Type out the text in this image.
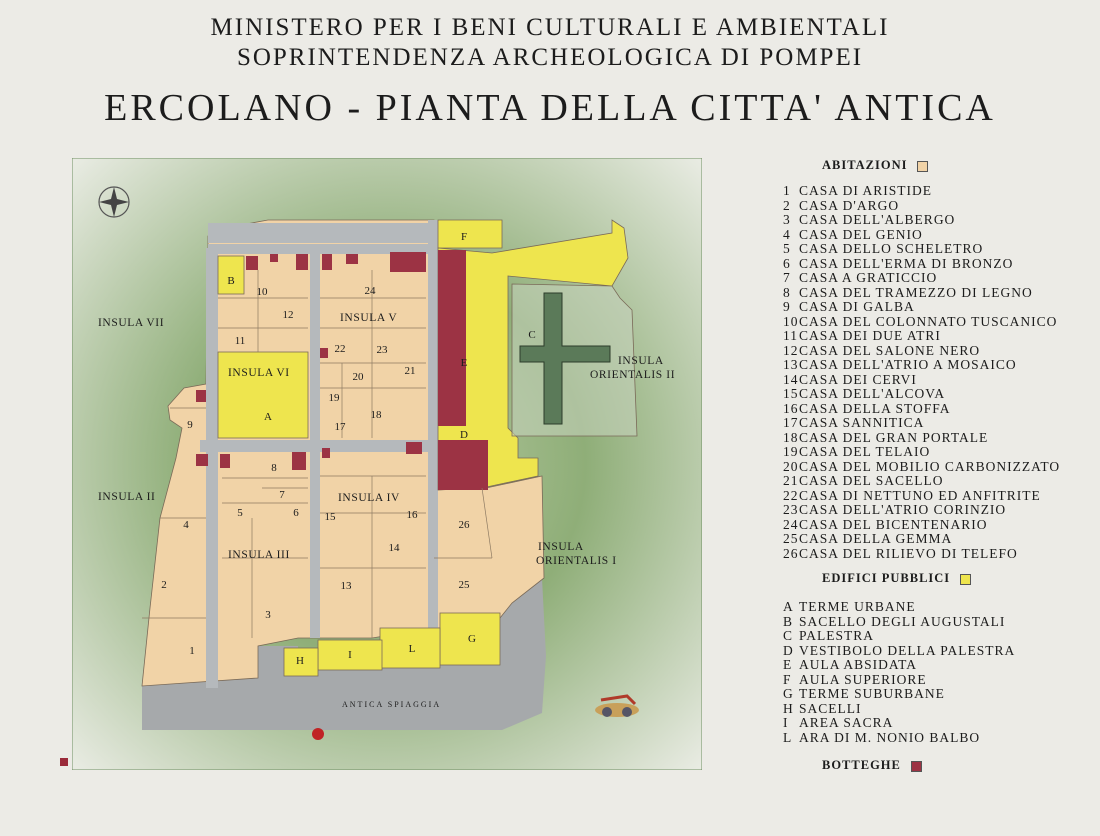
MINISTERO PER I BENI CULTURALI E AMBIENTALI
SOPRINTENDENZA ARCHEOLOGICA DI POMPEI
ERCOLANO - PIANTA DELLA CITTA' ANTICA
INSULA VII
INSULA VI
INSULA V
INSULA II
INSULA III
INSULA IV
INSULA
ORIENTALIS II
INSULA
ORIENTALIS I
ANTICA SPIAGGIA
1
2
3
4
5	6
7
8
9
10
11
12
13
14
15	16
17
18
19
20	21
22	23
24
25
26
A
B
C
D
E
F
G
H	I	L
ABITAZIONI
1 CASA DI ARISTIDE
2 CASA D'ARGO
3 CASA DELL'ALBERGO
4 CASA DEL GENIO
5 CASA DELLO SCHELETRO
6 CASA DELL'ERMA DI BRONZO
7 CASA A GRATICCIO
8 CASA DEL TRAMEZZO DI LEGNO
9 CASA DI GALBA
10 CASA DEL COLONNATO TUSCANICO
11 CASA DEI DUE ATRI
12 CASA DEL SALONE NERO
13 CASA DELL'ATRIO A MOSAICO
14 CASA DEI CERVI
15 CASA DELL'ALCOVA
16 CASA DELLA STOFFA
17 CASA SANNITICA
18 CASA DEL GRAN PORTALE
19 CASA DEL TELAIO
20 CASA DEL MOBILIO CARBONIZZATO
21 CASA DEL SACELLO
22 CASA DI NETTUNO ED ANFITRITE
23 CASA DELL'ATRIO CORINZIO
24 CASA DEL BICENTENARIO
25 CASA DELLA GEMMA
26 CASA DEL RILIEVO DI TELEFO
EDIFICI PUBBLICI
A TERME URBANE
B SACELLO DEGLI AUGUSTALI
C PALESTRA
D VESTIBOLO DELLA PALESTRA
E AULA ABSIDATA
F AULA SUPERIORE
G TERME SUBURBANE
H SACELLI
I AREA SACRA
L ARA DI M. NONIO BALBO
BOTTEGHE
